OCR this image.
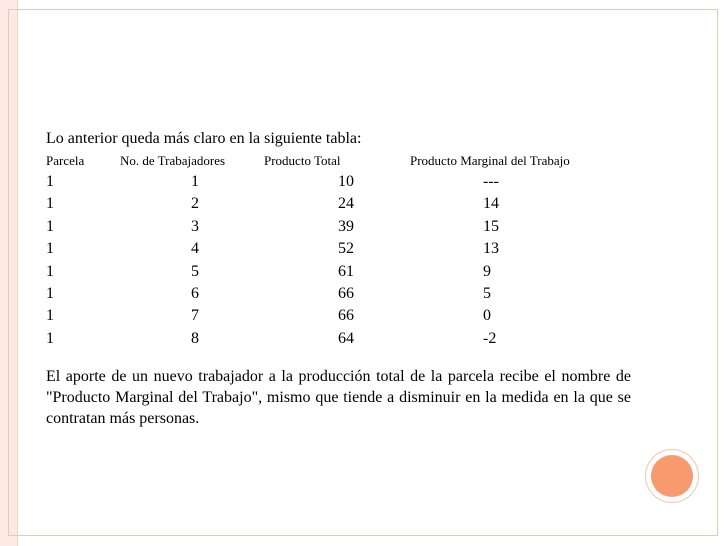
Lo anterior queda más claro en la siguiente tabla:
Parcela	No. de Trabajadores	Producto Total	Producto Marginal del Trabajo
1	1	10	---
1	2	24	14
1	3	39	15
1	4	52	13
1	5	61	9
1	6	66	5
1	7	66	0
1	8	64	-2
El aporte de un nuevo trabajador a la producción total de la parcela recibe el nombre de "Producto Marginal del Trabajo", mismo que tiende a disminuir en la medida en la que se contratan más personas.
